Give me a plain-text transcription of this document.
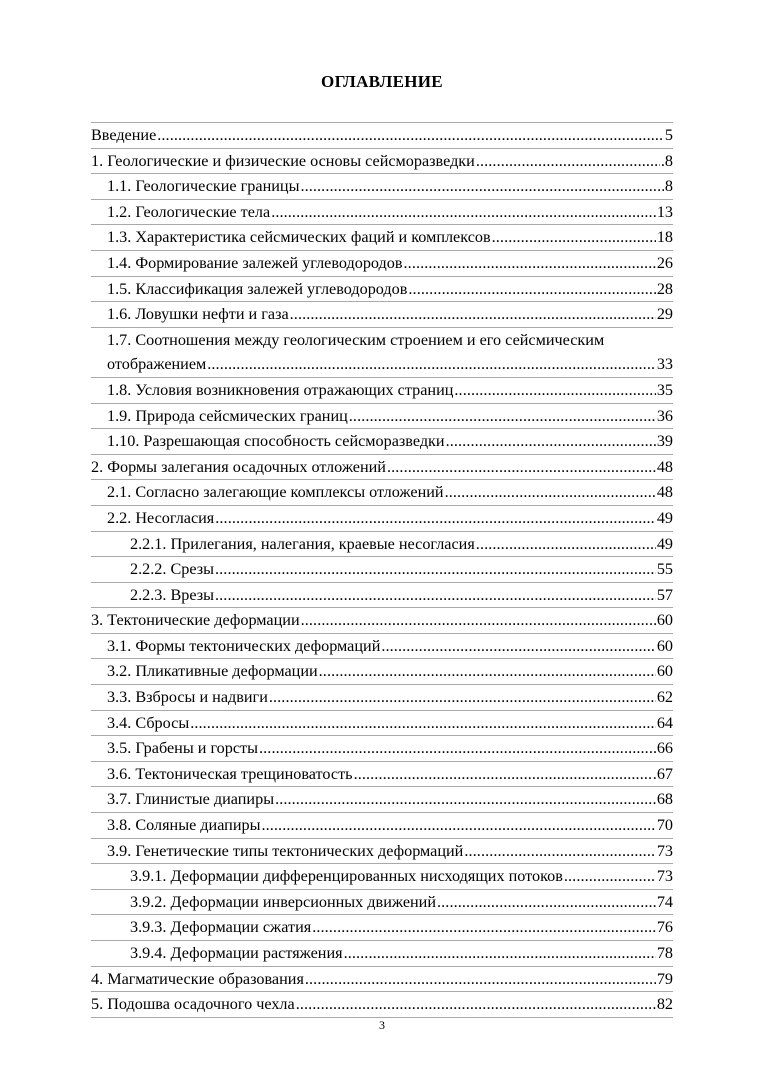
ОГЛАВЛЕНИЕ
Введение .....	5
1. Геологические и физические основы сейсморазведки .....	.8
1.1. Геологические границы .....	8
1.2. Геологические тела .....	13
1.3. Характеристика сейсмических фаций и комплексов .....	18
1.4. Формирование залежей углеводородов .....	26
1.5. Классификация залежей углеводородов .....	28
1.6. Ловушки нефти и газа .....	29
1.7. Соотношения между геологическим строением и его сейсмическим
отображением .....	33
1.8. Условия возникновения отражающих страниц .....	35
1.9. Природа сейсмических границ .....	36
1.10. Разрешающая способность сейсморазведки .....	39
2. Формы залегания осадочных отложений .....	48
2.1. Согласно залегающие комплексы отложений .....	48
2.2. Несогласия .....	49
2.2.1. Прилегания, налегания, краевые несогласия .....	49
2.2.2. Срезы .....	55
2.2.3. Врезы .....	57
3. Тектонические деформации .....	60
3.1. Формы тектонических деформаций .....	60
3.2. Пликативные деформации .....	60
3.3. Взбросы и надвиги .....	62
3.4. Сбросы .....	64
3.5. Грабены и горсты .....	66
3.6. Тектоническая трещиноватость .....	.67
3.7. Глинистые диапиры .....	68
3.8. Соляные диапиры .....	70
3.9. Генетические типы тектонических деформаций .....	73
3.9.1. Деформации дифференцированных нисходящих потоков .....	73
3.9.2. Деформации инверсионных движений .....	74
3.9.3. Деформации сжатия .....	76
3.9.4. Деформации растяжения .....	78
4. Магматические образования .....	79
5. Подошва осадочного чехла .....	82
3
